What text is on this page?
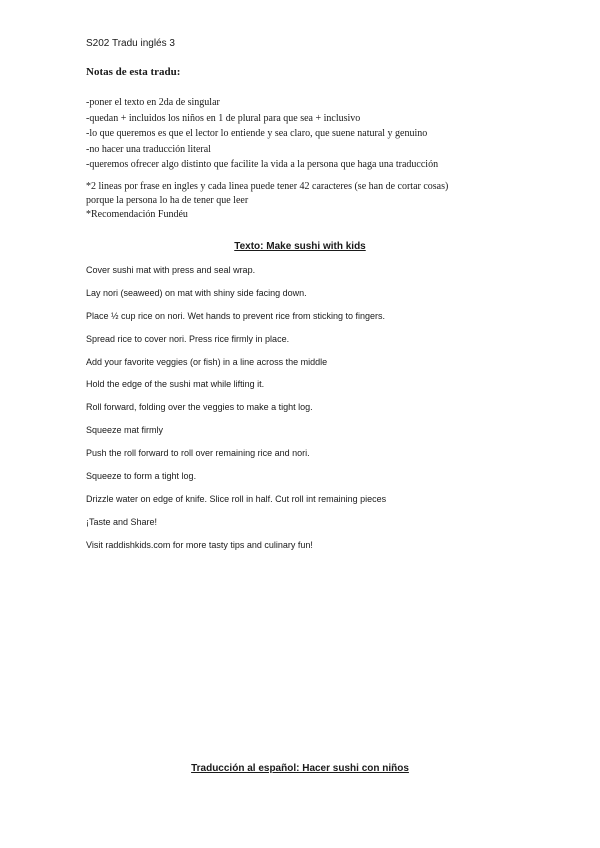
S202 Tradu inglés 3
Notas de esta tradu:
-poner el texto en 2da de singular
-quedan + incluidos los niños en 1 de plural para que sea + inclusivo
-lo que queremos es que el lector lo entiende y sea claro, que suene natural y genuino
-no hacer una traducción literal
-queremos ofrecer algo distinto que facilite la vida a la persona que haga una traducción
*2 lineas por frase en ingles y cada linea puede tener 42 caracteres (se han de cortar cosas)
porque la persona lo ha de tener que leer
*Recomendación Fundéu
Texto: Make sushi with kids
Cover sushi mat with press and seal wrap.
Lay nori (seaweed) on mat with shiny side facing down.
Place ½ cup rice on nori. Wet hands to prevent rice from sticking to fingers.
Spread rice to cover nori. Press rice firmly in place.
Add your favorite veggies (or fish) in a line across the middle
Hold the edge of the sushi mat while lifting it.
Roll forward, folding over the veggies to make a tight log.
Squeeze mat firmly
Push the roll forward to roll over remaining rice and nori.
Squeeze to form a tight log.
Drizzle water on edge of knife. Slice roll in half. Cut roll int remaining pieces
¡Taste and Share!
Visit raddishkids.com for more tasty tips and culinary fun!
Traducción al español: Hacer sushi con niños
